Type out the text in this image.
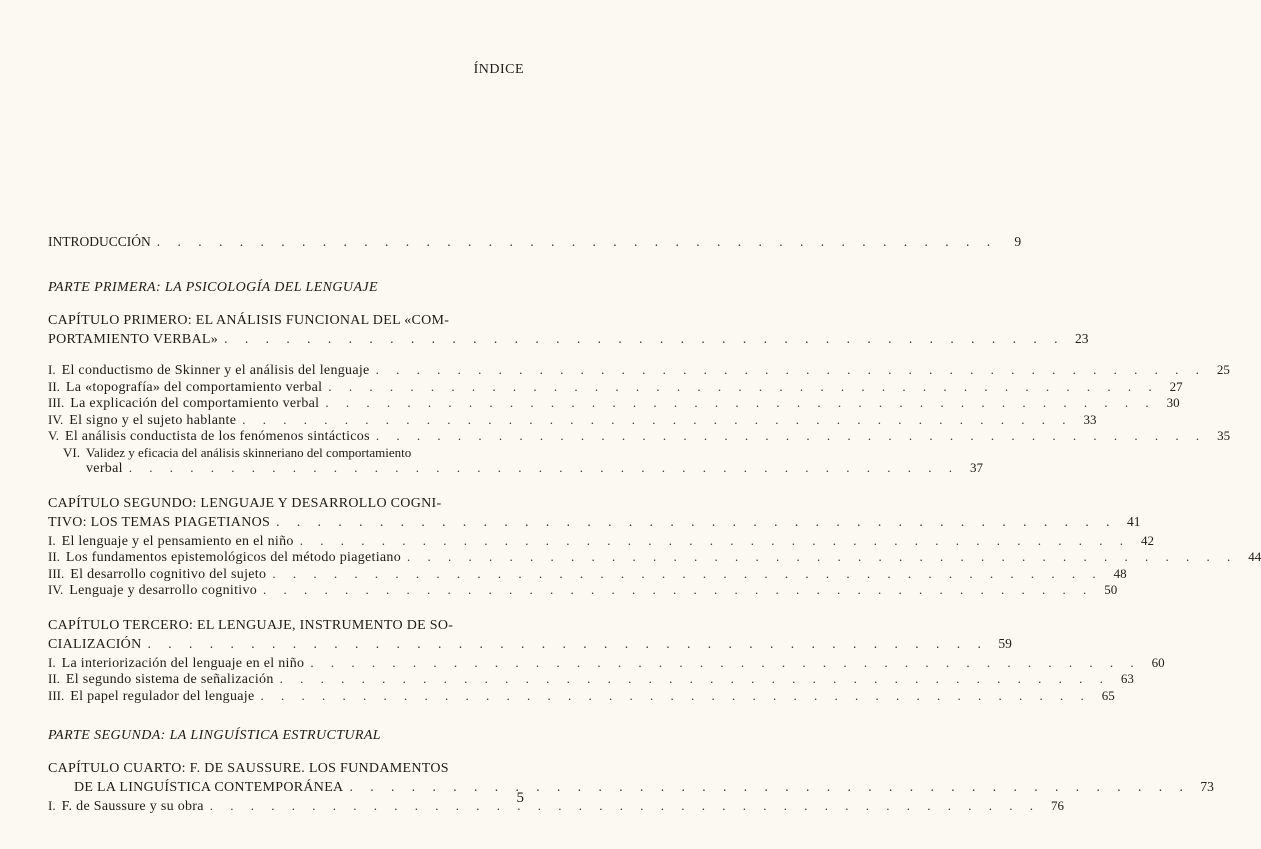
ÍNDICE
INTRODUCCIÓN . . .	9
PARTE PRIMERA: LA PSICOLOGÍA DEL LENGUAJE
CAPÍTULO PRIMERO: EL ANÁLISIS FUNCIONAL DEL «COM-
PORTAMIENTO VERBAL» . . .	23
I. El conductismo de Skinner y el análisis del lenguaje . . .	25
II. La «topografía» del comportamiento verbal . . .	27
III. La explicación del comportamiento verbal . . .	30
IV. El signo y el sujeto hablante . . .	33
V. El análisis conductista de los fenómenos sintácticos . . .	35
VI. Validez y eficacia del análisis skinneriano del comportamiento
verbal . . .	37
CAPÍTULO SEGUNDO: LENGUAJE Y DESARROLLO COGNI-
TIVO: LOS TEMAS PIAGETIANOS . . .	41
I. El lenguaje y el pensamiento en el niño . . .	42
II. Los fundamentos epistemológicos del método piagetiano . . .	44
III. El desarrollo cognitivo del sujeto . . .	48
IV. Lenguaje y desarrollo cognitivo . . .	50
CAPÍTULO TERCERO: EL LENGUAJE, INSTRUMENTO DE SO-
CIALIZACIÓN . . .	59
I. La interiorización del lenguaje en el niño . . .	60
II. El segundo sistema de señalización . . .	63
III. El papel regulador del lenguaje . . .	65
PARTE SEGUNDA: LA LINGUÍSTICA ESTRUCTURAL
CAPÍTULO CUARTO: F. DE SAUSSURE. LOS FUNDAMENTOS
DE LA LINGUÍSTICA CONTEMPORÁNEA . . .	73
I. F. de Saussure y su obra . . .	76
5
